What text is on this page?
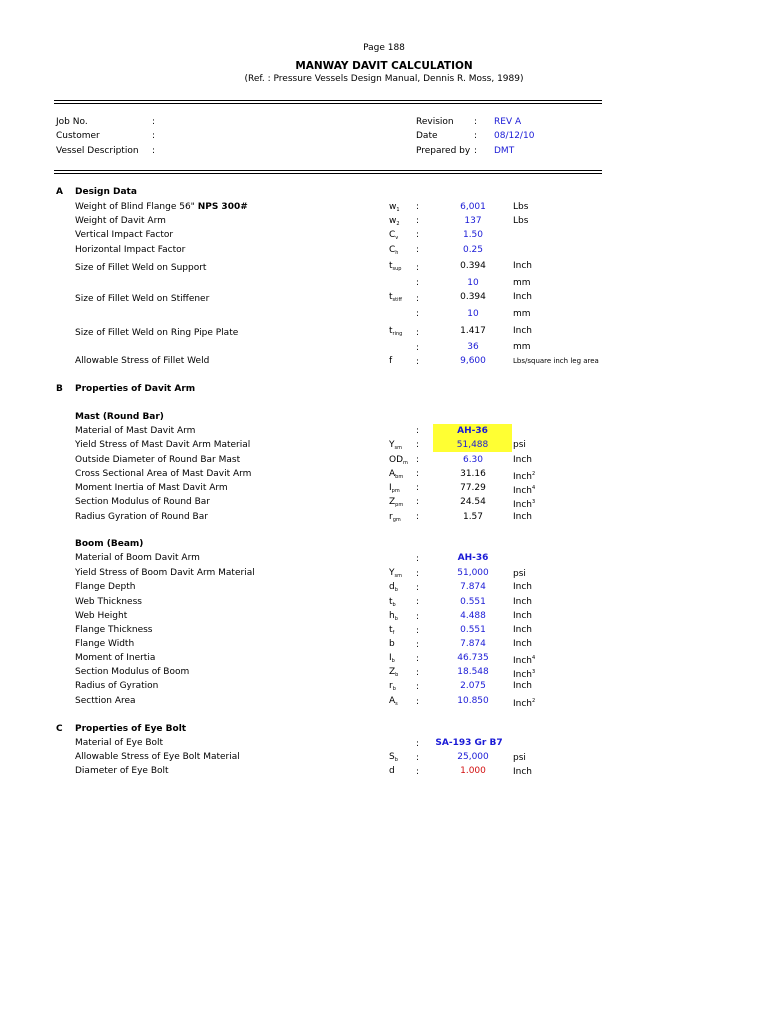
Page 188
MANWAY DAVIT CALCULATION
(Ref. : Pressure Vessels Design Manual, Dennis R. Moss, 1989)
Job No.	:
Customer	:
Vessel Description :
Revision : REV A
Date	: 08/12/10
Prepared by : DMT
A Design Data
Weight of Blind Flange 56" NPS 300#	$w_1$ :	6,001	Lbs
Weight of Davit Arm	$w_2$ :	137	Lbs
Vertical Impact Factor	$C_v$ :	1.50
Horizontal Impact Factor	$C_h$ :	0.25
Size of Fillet Weld on Support	$t_{sup}$ :	0.394	Inch
:	10	mm
Size of Fillet Weld on Stiffener	$t_{stiff}$ :	0.394	Inch
:	10	mm
Size of Fillet Weld on Ring Pipe Plate	$t_{ring}$ :	1.417	Inch
:	36	mm
Allowable Stress of Fillet Weld	f	:	9,600	Lbs/square inch leg area
B Properties of Davit Arm
Mast (Round Bar)
Material of Mast Davit Arm	:	AH-36
Yield Stress of Mast Davit Arm Material	$Y_{sm}$ :	51,488	psi
Outside Diameter of Round Bar Mast	$OD_m$ :	6.30	Inch
Cross Sectional Area of Mast Davit Arm	$A_{bm}$ :	31.16	Inch$^2$
Moment Inertia of Mast Davit Arm	$I_{pm}$ :	77.29	Inch$^4$
Section Modulus of Round Bar	$Z_{pm}$ :	24.54	Inch$^3$
Radius Gyration of Round Bar	$r_{gm}$ :	1.57	Inch
Boom (Beam)
Material of Boom Davit Arm	:	AH-36
Yield Stress of Boom Davit Arm Material	$Y_{sm}$ :	51,000	psi
Flange Depth	$d_b$ :	7.874	Inch
Web Thickness	$t_b$ :	0.551	Inch
Web Height	$h_b$ :	4.488	Inch
Flange Thickness	$t_f$ :	0.551	Inch
Flange Width	b :	7.874	Inch
Moment of Inertia	$I_b$ :	46.735	Inch$^4$
Section Modulus of Boom	$Z_b$ :	18.548	Inch$^3$
Radius of Gyration	$r_b$ :	2.075	Inch
Secttion Area	$A_s$ :	10.850	Inch$^2$
C Properties of Eye Bolt
Material of Eye Bolt	:	SA-193 Gr B7
Allowable Stress of Eye Bolt Material	$S_b$ :	25,000	psi
Diameter of Eye Bolt	d :	1.000	Inch
